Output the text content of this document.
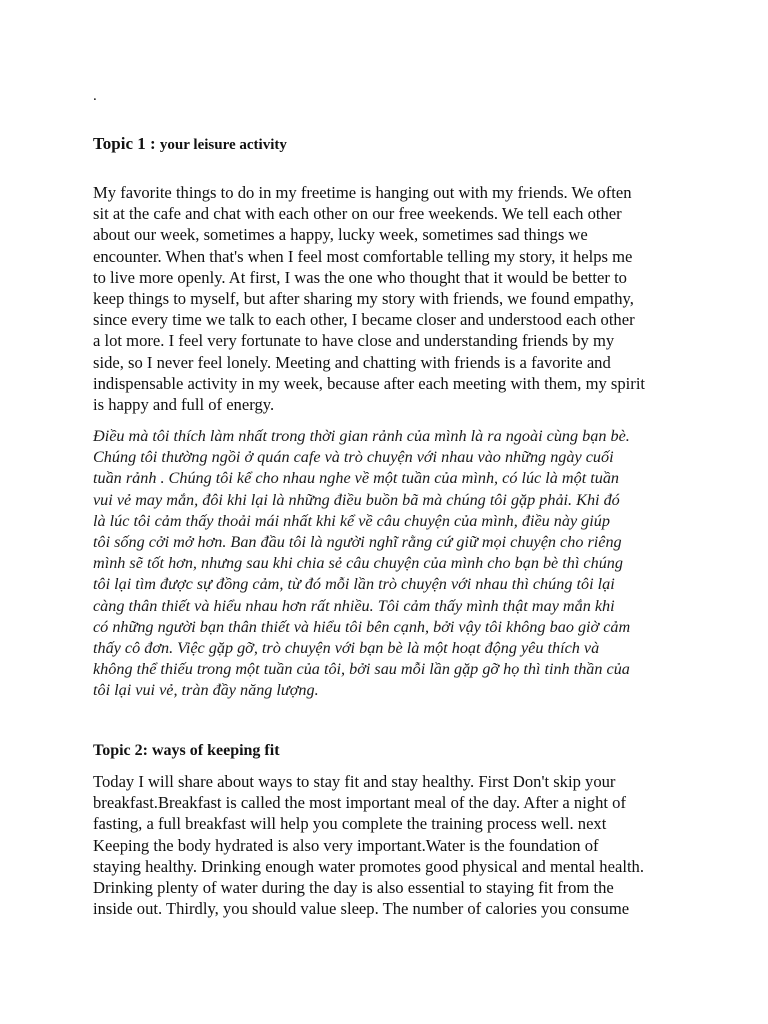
.
Topic 1 : your leisure activity

My favorite things to do in my freetime is hanging out with my friends. We often
sit at the cafe and chat with each other on our free weekends. We tell each other
about our week, sometimes a happy, lucky week, sometimes sad things we
encounter. When that's when I feel most comfortable telling my story, it helps me
to live more openly. At first, I was the one who thought that it would be better to
keep things to myself, but after sharing my story with friends, we found empathy,
since every time we talk to each other, I became closer and understood each other
a lot more. I feel very fortunate to have close and understanding friends by my
side, so I never feel lonely. Meeting and chatting with friends is a favorite and
indispensable activity in my week, because after each meeting with them, my spirit
is happy and full of energy.

Điều mà tôi thích làm nhất trong thời gian rảnh của mình là ra ngoài cùng bạn bè.
Chúng tôi thường ngồi ở quán cafe và trò chuyện với nhau vào những ngày cuối
tuần rảnh . Chúng tôi kể cho nhau nghe về một tuần của mình, có lúc là một tuần
vui vẻ may mắn, đôi khi lại là những điều buồn bã mà chúng tôi gặp phải. Khi đó
là lúc tôi cảm thấy thoải mái nhất khi kể về câu chuyện của mình, điều này giúp
tôi sống cởi mở hơn. Ban đầu tôi là người nghĩ rằng cứ giữ mọi chuyện cho riêng
mình sẽ tốt hơn, nhưng sau khi chia sẻ câu chuyện của mình cho bạn bè thì chúng
tôi lại tìm được sự đồng cảm, từ đó mỗi lần trò chuyện với nhau thì chúng tôi lại
càng thân thiết và hiểu nhau hơn rất nhiều. Tôi cảm thấy mình thật may mắn khi
có những người bạn thân thiết và hiểu tôi bên cạnh, bởi vậy tôi không bao giờ cảm
thấy cô đơn. Việc gặp gỡ, trò chuyện với bạn bè là một hoạt động yêu thích và
không thể thiếu trong một tuần của tôi, bởi sau mỗi lần gặp gỡ họ thì tinh thần của
tôi lại vui vẻ, tràn đầy năng lượng.

Topic 2: ways of keeping fit

Today I will share about ways to stay fit and stay healthy. First Don't skip your
breakfast.Breakfast is called the most important meal of the day. After a night of
fasting, a full breakfast will help you complete the training process well. next
Keeping the body hydrated is also very important.Water is the foundation of
staying healthy. Drinking enough water promotes good physical and mental health.
Drinking plenty of water during the day is also essential to staying fit from the
inside out. Thirdly, you should value sleep. The number of calories you consume
